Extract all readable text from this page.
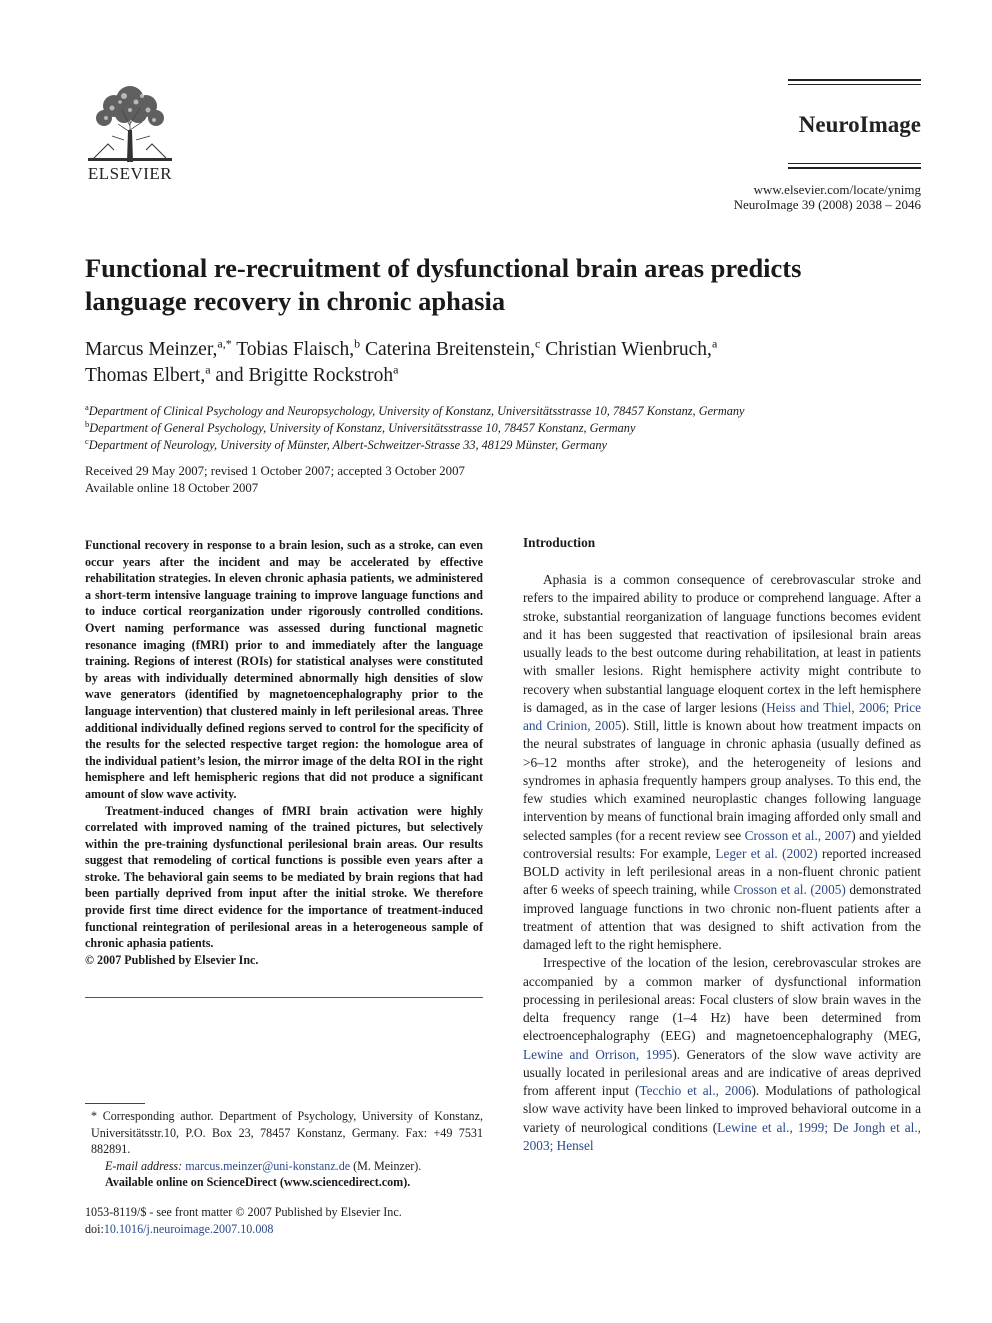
ELSEVIER
NeuroImage
www.elsevier.com/locate/ynimg
NeuroImage 39 (2008) 2038 – 2046
Functional re-recruitment of dysfunctional brain areas predicts language recovery in chronic aphasia
Marcus Meinzer,$^{a,*}$ Tobias Flaisch,$^b$ Caterina Breitenstein,$^c$ Christian Wienbruch,$^a$
Thomas Elbert,$^a$ and Brigitte Rockstroh$^a$
$^a$Department of Clinical Psychology and Neuropsychology, University of Konstanz, Universitätsstrasse 10, 78457 Konstanz, Germany
$^b$Department of General Psychology, University of Konstanz, Universitätsstrasse 10, 78457 Konstanz, Germany
$^c$Department of Neurology, University of Münster, Albert-Schweitzer-Strasse 33, 48129 Münster, Germany
Received 29 May 2007; revised 1 October 2007; accepted 3 October 2007
Available online 18 October 2007

Functional recovery in response to a brain lesion, such as a stroke, can even occur years after the incident and may be accelerated by effective rehabilitation strategies. In eleven chronic aphasia patients, we administered a short-term intensive language training to improve language functions and to induce cortical reorganization under rigorously controlled conditions. Overt naming performance was assessed during functional magnetic resonance imaging (fMRI) prior to and immediately after the language training. Regions of interest (ROIs) for statistical analyses were constituted by areas with individually determined abnormally high densities of slow wave generators (identified by magnetoencephalography prior to the language intervention) that clustered mainly in left perilesional areas. Three additional individually defined regions served to control for the specificity of the results for the selected respective target region: the homologue area of the individual patient’s lesion, the mirror image of the delta ROI in the right hemisphere and left hemispheric regions that did not produce a significant amount of slow wave activity.

Treatment-induced changes of fMRI brain activation were highly correlated with improved naming of the trained pictures, but selectively within the pre-training dysfunctional perilesional brain areas. Our results suggest that remodeling of cortical functions is possible even years after a stroke. The behavioral gain seems to be mediated by brain regions that had been partially deprived from input after the initial stroke. We therefore provide first time direct evidence for the importance of treatment-induced functional reintegration of perilesional areas in a heterogeneous sample of chronic aphasia patients.

© 2007 Published by Elsevier Inc.

* Corresponding author. Department of Psychology, University of Konstanz, Universitätsstr.10, P.O. Box 23, 78457 Konstanz, Germany. Fax: +49 7531 882891.
E-mail address: marcus.meinzer@uni-konstanz.de (M. Meinzer).
Available online on ScienceDirect (www.sciencedirect.com).
1053-8119/$ - see front matter © 2007 Published by Elsevier Inc.
doi:10.1016/j.neuroimage.2007.10.008
Introduction

Aphasia is a common consequence of cerebrovascular stroke and refers to the impaired ability to produce or comprehend language. After a stroke, substantial reorganization of language functions becomes evident and it has been suggested that reactivation of ipsilesional brain areas usually leads to the best outcome during rehabilitation, at least in patients with smaller lesions. Right hemisphere activity might contribute to recovery when substantial language eloquent cortex in the left hemisphere is damaged, as in the case of larger lesions (Heiss and Thiel, 2006; Price and Crinion, 2005). Still, little is known about how treatment impacts on the neural substrates of language in chronic aphasia (usually defined as >6–12 months after stroke), and the heterogeneity of lesions and syndromes in aphasia frequently hampers group analyses. To this end, the few studies which examined neuroplastic changes following language intervention by means of functional brain imaging afforded only small and selected samples (for a recent review see Crosson et al., 2007) and yielded controversial results: For example, Leger et al. (2002) reported increased BOLD activity in left perilesional areas in a non-fluent chronic patient after 6 weeks of speech training, while Crosson et al. (2005) demonstrated improved language functions in two chronic non-fluent patients after a treatment of attention that was designed to shift activation from the damaged left to the right hemisphere.

Irrespective of the location of the lesion, cerebrovascular strokes are accompanied by a common marker of dysfunctional information processing in perilesional areas: Focal clusters of slow brain waves in the delta frequency range (1–4 Hz) have been determined from electroencephalography (EEG) and magnetoencephalography (MEG, Lewine and Orrison, 1995). Generators of the slow wave activity are usually located in perilesional areas and are indicative of areas deprived from afferent input (Tecchio et al., 2006). Modulations of pathological slow wave activity have been linked to improved behavioral outcome in a variety of neurological conditions (Lewine et al., 1999; De Jongh et al., 2003; Hensel
